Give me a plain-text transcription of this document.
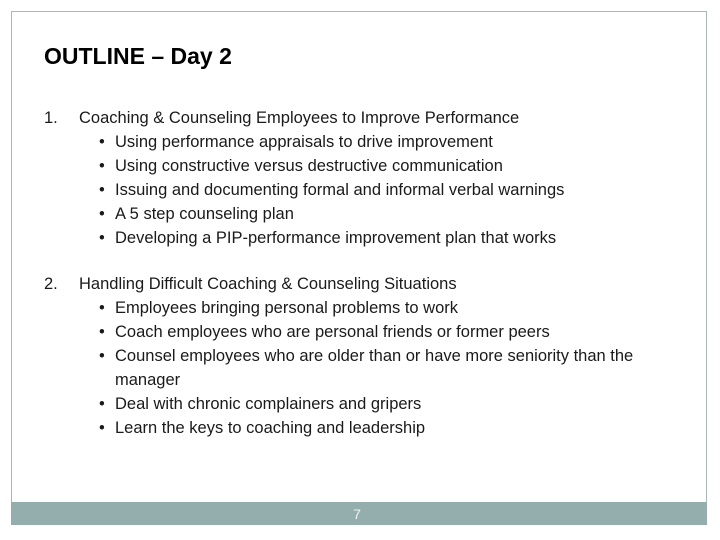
OUTLINE – Day 2
1.	Coaching & Counseling Employees to Improve Performance
• Using performance appraisals to drive improvement
• Using constructive versus destructive communication
• Issuing and documenting formal and informal verbal warnings
• A 5 step counseling plan
• Developing a PIP-performance improvement plan that works
2.	Handling Difficult Coaching & Counseling Situations
• Employees bringing personal problems to work
• Coach employees who are personal friends or former peers
• Counsel employees who are older than or have more seniority than the manager
• Deal with chronic complainers and gripers
• Learn the keys to coaching and leadership
7
